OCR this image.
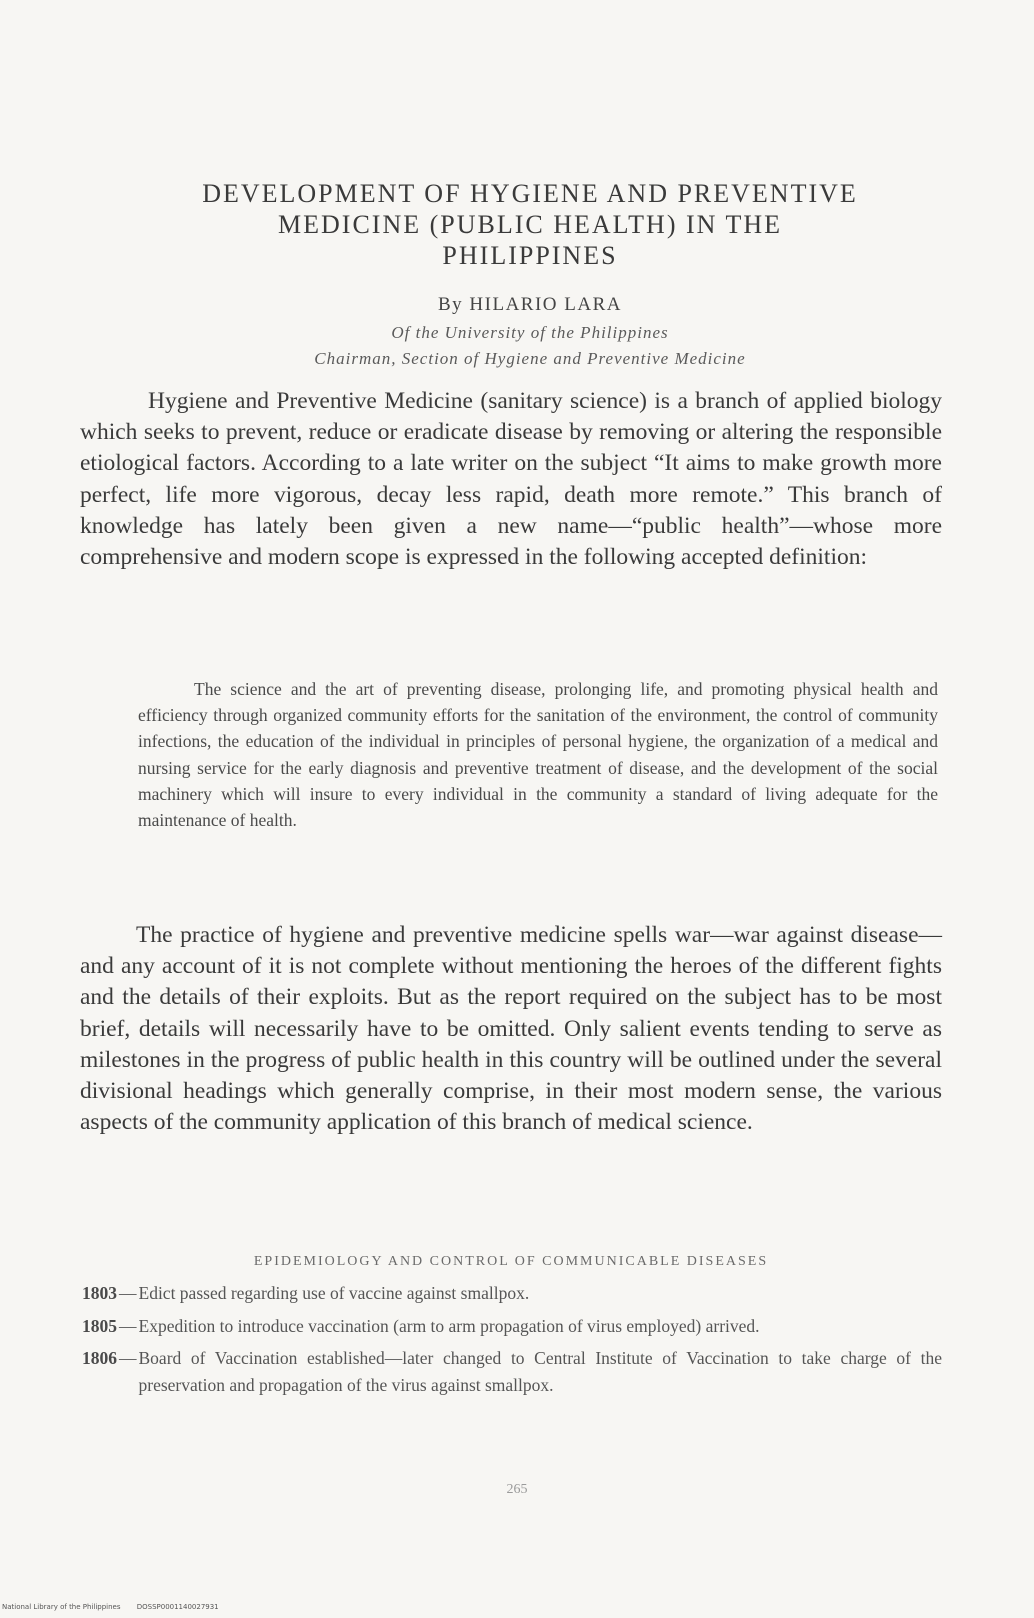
DEVELOPMENT OF HYGIENE AND PREVENTIVE
MEDICINE (PUBLIC HEALTH) IN THE
PHILIPPINES
By HILARIO LARA
Of the University of the Philippines
Chairman, Section of Hygiene and Preventive Medicine

Hygiene and Preventive Medicine (sanitary science) is a branch of applied biology which seeks to prevent, reduce or eradicate disease by removing or altering the responsible etiological factors. According to a late writer on the subject “It aims to make growth more perfect, life more vigorous, decay less rapid, death more remote.” This branch of knowledge has lately been given a new name—“public health”—whose more comprehensive and modern scope is expressed in the following accepted definition:

The science and the art of preventing disease, prolonging life, and promoting physical health and efficiency through organized community efforts for the sanitation of the environment, the control of community infections, the education of the individual in principles of personal hygiene, the organization of a medical and nursing service for the early diagnosis and preventive treatment of disease, and the development of the social machinery which will insure to every individual in the community a standard of living adequate for the maintenance of health.

The practice of hygiene and preventive medicine spells war—war against disease—and any account of it is not complete without mentioning the heroes of the different fights and the details of their exploits. But as the report required on the subject has to be most brief, details will necessarily have to be omitted. Only salient events tending to serve as milestones in the progress of public health in this country will be outlined under the several divisional headings which generally comprise, in their most modern sense, the various aspects of the community application of this branch of medical science.

EPIDEMIOLOGY AND CONTROL OF COMMUNICABLE DISEASES
1803 — Edict passed regarding use of vaccine against smallpox.
1805 — Expedition to introduce vaccination (arm to arm propagation of virus employed) arrived.
1806 — Board of Vaccination established—later changed to Central Institute of Vaccination to take charge of the preservation and propagation of the virus against smallpox.
265
National Library of the Philippines DOSSP0001140027931
